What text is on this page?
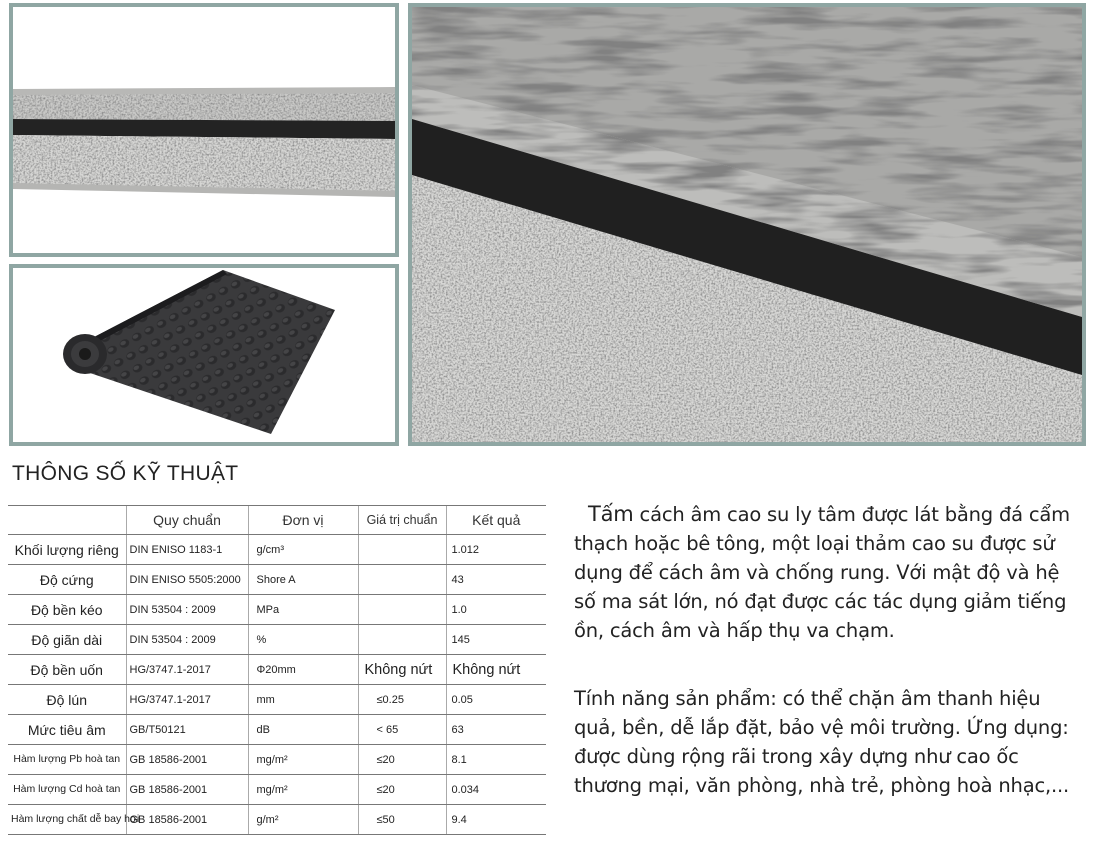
THÔNG SỐ KỸ THUẬT
	Quy chuẩn	Đơn vị	Giá trị chuẩn	Kết quả
Khối lượng riêng	DIN ENISO 1183-1	g/cm³		1.012
Độ cứng	DIN ENISO 5505:2000	Shore A		43
Độ bền kéo	DIN 53504 : 2009	MPa		1.0
Độ giãn dài	DIN 53504 : 2009	%		145
Độ bền uốn	HG/3747.1-2017	Φ20mm	Không nứt	Không nứt
Độ lún	HG/3747.1-2017	mm	≤0.25	0.05
Mức tiêu âm	GB/T50121	dB	< 65	63
Hàm lượng Pb hoà tan	GB 18586-2001	mg/m²	≤20	8.1
Hàm lượng Cd hoà tan	GB 18586-2001	mg/m²	≤20	0.034
Hàm lượng chất dễ bay hơi	GB 18586-2001	g/m²	≤50	9.4

Tấm cách âm cao su ly tâm được lát bằng đá cẩm thạch hoặc bê tông, một loại thảm cao su được sử dụng để cách âm và chống rung. Với mật độ và hệ số ma sát lớn, nó đạt được các tác dụng giảm tiếng ồn, cách âm và hấp thụ va chạm.

Tính năng sản phẩm: có thể chặn âm thanh hiệu quả, bền, dễ lắp đặt, bảo vệ môi trường. Ứng dụng: được dùng rộng rãi trong xây dựng như cao ốc thương mại, văn phòng, nhà trẻ, phòng hoà nhạc,...
